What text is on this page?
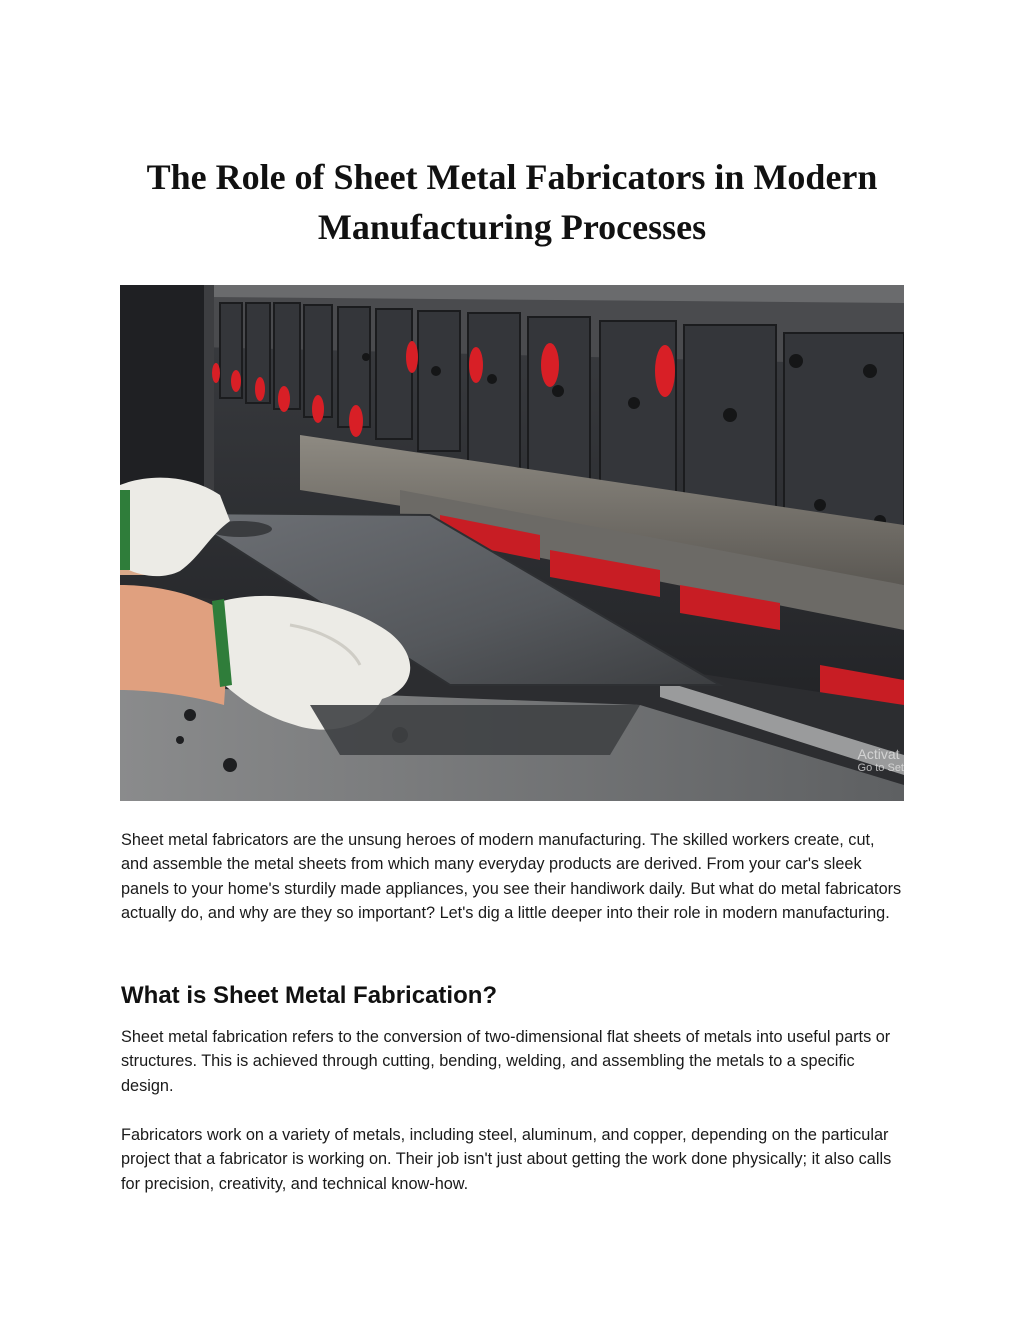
The Role of Sheet Metal Fabricators in Modern Manufacturing Processes
Activat
Go to Set

Sheet metal fabricators are the unsung heroes of modern manufacturing. The skilled workers create, cut, and assemble the metal sheets from which many everyday products are derived. From your car's sleek panels to your home's sturdily made appliances, you see their handiwork daily. But what do metal fabricators actually do, and why are they so important? Let's dig a little deeper into their role in modern manufacturing.

What is Sheet Metal Fabrication?

Sheet metal fabrication refers to the conversion of two-dimensional flat sheets of metals into useful parts or structures. This is achieved through cutting, bending, welding, and assembling the metals to a specific design.

Fabricators work on a variety of metals, including steel, aluminum, and copper, depending on the particular project that a fabricator is working on. Their job isn't just about getting the work done physically; it also calls for precision, creativity, and technical know-how.
